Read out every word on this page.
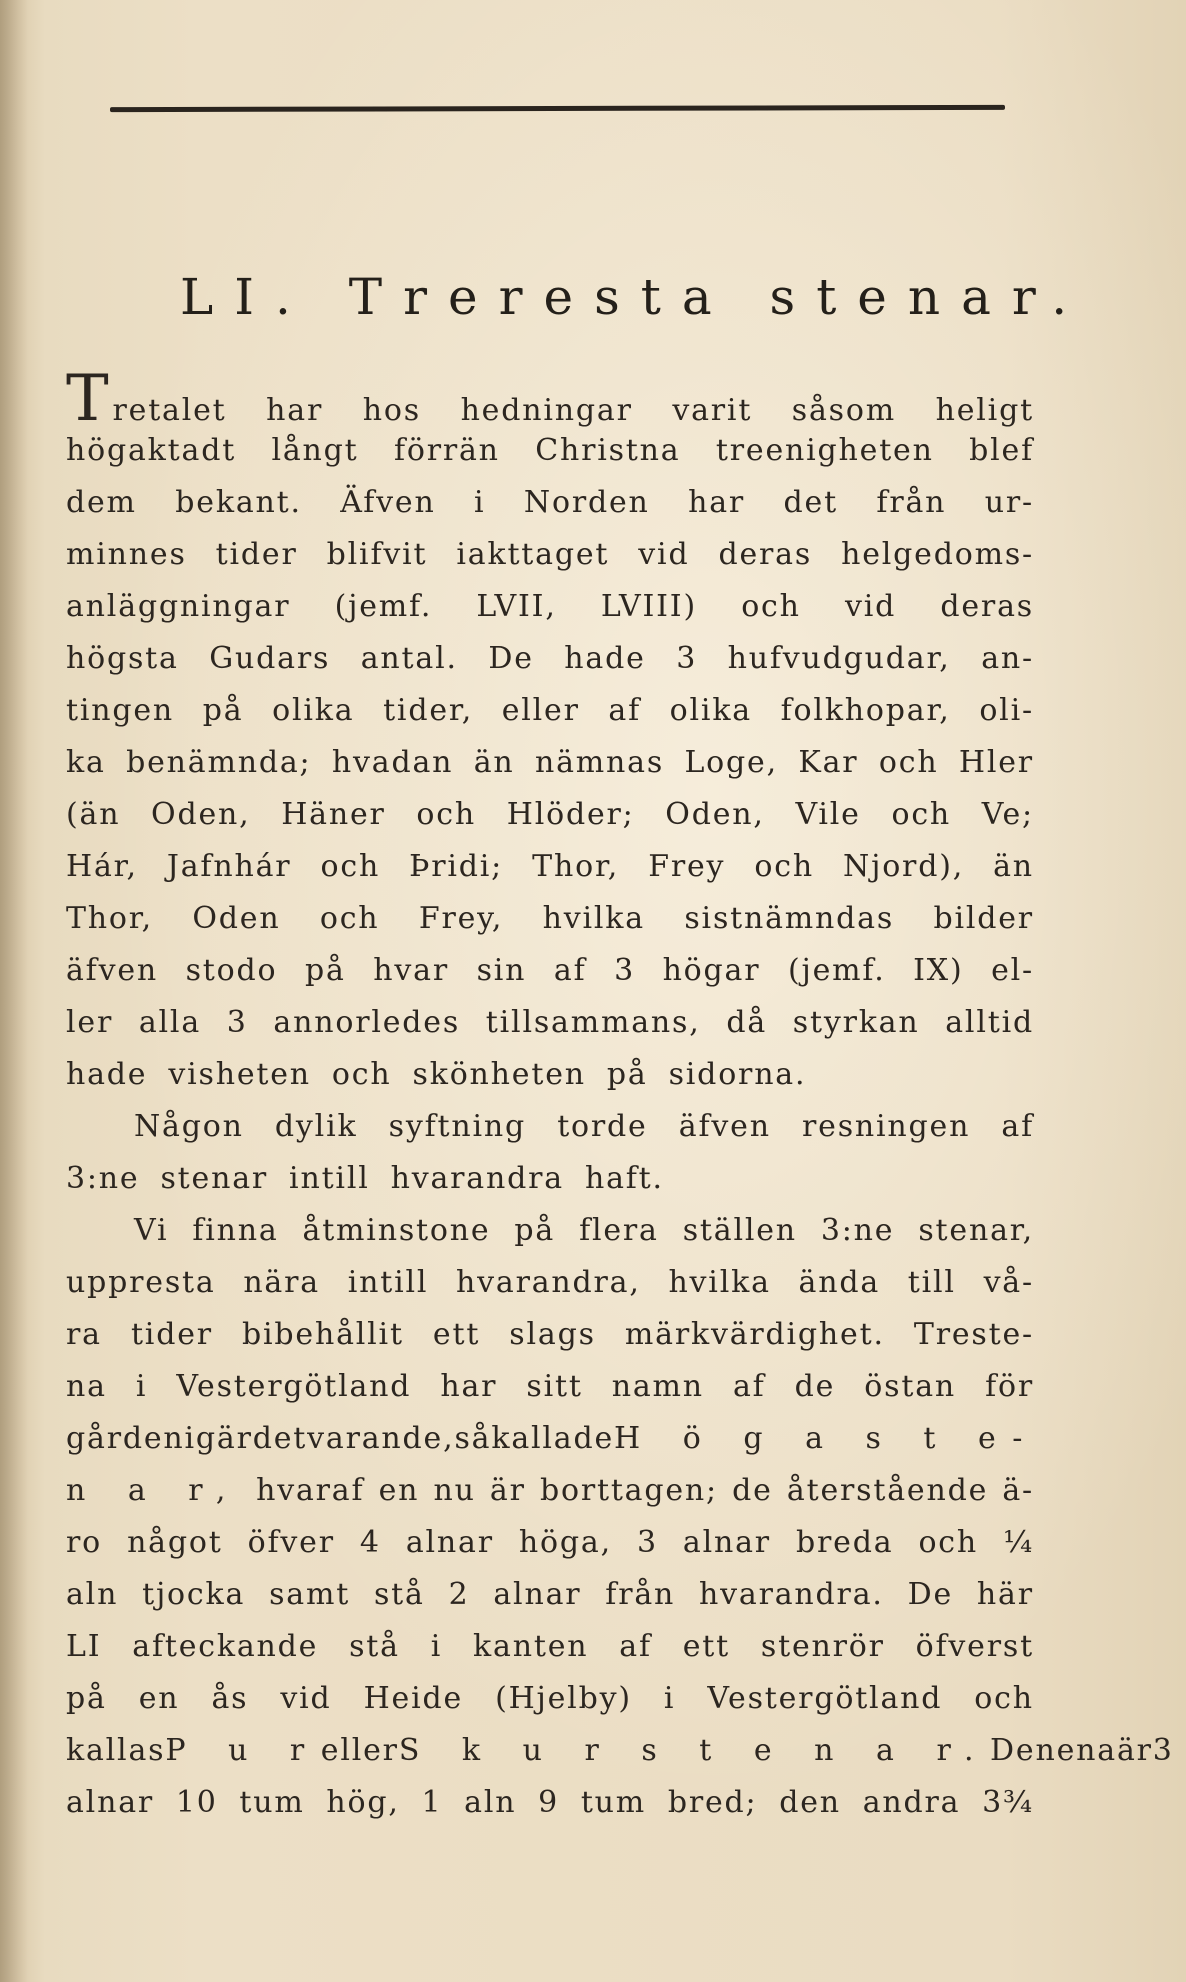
LI. Treresta stenar.
Tretalet har hos hedningar varit såsom heligt
högaktadt långt förrän Christna treenigheten blef
dem bekant. Äfven i Norden har det från ur-
minnes tider blifvit iakttaget vid deras helgedoms-
anläggningar (jemf. LVII, LVIII) och vid deras
högsta Gudars antal. De hade 3 hufvudgudar, an-
tingen på olika tider, eller af olika folkhopar, oli-
ka benämnda; hvadan än nämnas Loge, Kar och Hler
(än Oden, Häner och Hlöder; Oden, Vile och Ve;
Hár, Jafnhár och Þridi; Thor, Frey och Njord), än
Thor, Oden och Frey, hvilka sistnämndas bilder
äfven stodo på hvar sin af 3 högar (jemf. IX) el-
ler alla 3 annorledes tillsammans, då styrkan alltid
hade visheten och skönheten på sidorna.
Någon dylik syftning torde äfven resningen af
3:ne stenar intill hvarandra haft.
Vi finna åtminstone på flera ställen 3:ne stenar,
uppresta nära intill hvarandra, hvilka ända till vå-
ra tider bibehållit ett slags märkvärdighet. Treste-
na i Vestergötland har sitt namn af de östan för
gården i gärdet varande, så kallade H ö g a s t e-
n a r, hvaraf en nu är borttagen; de återstående ä-
ro något öfver 4 alnar höga, 3 alnar breda och ¼
aln tjocka samt stå 2 alnar från hvarandra. De här
LI afteckande stå i kanten af ett stenrör öfverst
på en ås vid Heide (Hjelby) i Vestergötland och
kallas P u r eller S k u r s t e n a r. Den ena är 3
alnar 10 tum hög, 1 aln 9 tum bred; den andra 3¾
